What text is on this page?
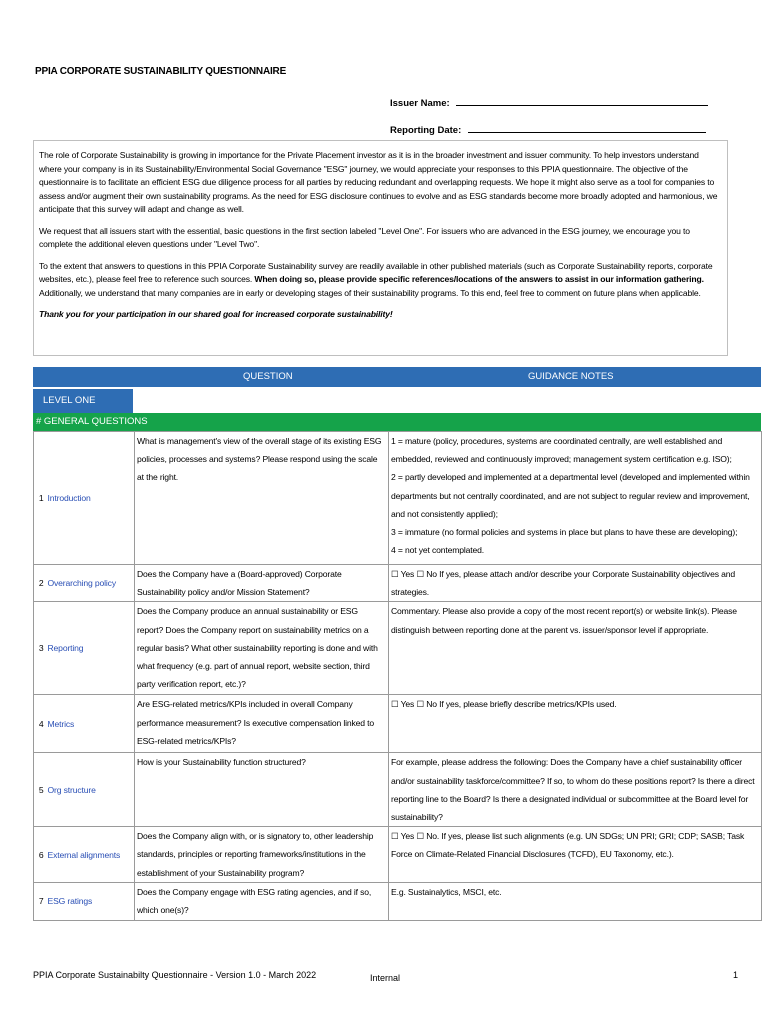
PPIA CORPORATE SUSTAINABILITY QUESTIONNAIRE
Issuer Name:
Reporting Date:

The role of Corporate Sustainability is growing in importance for the Private Placement investor as it is in the broader investment and issuer community. To help investors understand where your company is in its Sustainability/Environmental Social Governance "ESG" journey, we would appreciate your responses to this PPIA questionnaire. The objective of the questionnaire is to facilitate an efficient ESG due diligence process for all parties by reducing redundant and overlapping requests. We hope it might also serve as a tool for companies to assess and/or augment their own sustainability programs. As the need for ESG disclosure continues to evolve and as ESG standards become more broadly adopted and harmonious, we anticipate that this survey will adapt and change as well.

We request that all issuers start with the essential, basic questions in the first section labeled "Level One". For issuers who are advanced in the ESG journey, we encourage you to complete the additional eleven questions under "Level Two".

To the extent that answers to questions in this PPIA Corporate Sustainability survey are readily available in other published materials (such as Corporate Sustainability reports, corporate websites, etc.), please feel free to reference such sources. When doing so, please provide specific references/locations of the answers to assist in our information gathering. Additionally, we understand that many companies are in early or developing stages of their sustainability programs. To this end, feel free to comment on future plans when applicable.

Thank you for your participation in our shared goal for increased corporate sustainability!

QUESTION	GUIDANCE NOTES
LEVEL ONE
# GENERAL QUESTIONS
1	Introduction	What is management's view of the overall stage of its existing ESG policies, processes and systems? Please respond using the scale at the right.	1 = mature (policy, procedures, systems are coordinated centrally, are well established and embedded, reviewed and continuously improved; management system certification e.g. ISO);
2 = partly developed and implemented at a departmental level (developed and implemented within departments but not centrally coordinated, and are not subject to regular review and improvement, and not consistently applied);
3 = immature (no formal policies and systems in place but plans to have these are developing);
4 = not yet contemplated.
2	Overarching policy	Does the Company have a (Board-approved) Corporate Sustainability policy and/or Mission Statement?	☐ Yes ☐ No If yes, please attach and/or describe your Corporate Sustainability objectives and strategies.
3	Reporting	Does the Company produce an annual sustainability or ESG report? Does the Company report on sustainability metrics on a regular basis? What other sustainability reporting is done and with what frequency (e.g. part of annual report, website section, third party verification report, etc.)?	Commentary. Please also provide a copy of the most recent report(s) or website link(s). Please distinguish between reporting done at the parent vs. issuer/sponsor level if appropriate.
4	Metrics	Are ESG-related metrics/KPIs included in overall Company performance measurement? Is executive compensation linked to ESG-related metrics/KPIs?	☐ Yes ☐ No If yes, please briefly describe metrics/KPIs used.
5	Org structure	How is your Sustainability function structured?	For example, please address the following: Does the Company have a chief sustainability officer and/or sustainability taskforce/committee? If so, to whom do these positions report? Is there a direct reporting line to the Board? Is there a designated individual or subcommittee at the Board level for sustainability?
6	External alignments	Does the Company align with, or is signatory to, other leadership standards, principles or reporting frameworks/institutions in the establishment of your Sustainability program?	☐ Yes ☐ No. If yes, please list such alignments (e.g. UN SDGs; UN PRI; GRI; CDP; SASB; Task Force on Climate-Related Financial Disclosures (TCFD), EU Taxonomy, etc.).
7	ESG ratings	Does the Company engage with ESG rating agencies, and if so, which one(s)?	E.g. Sustainalytics, MSCI, etc.
PPIA Corporate Sustainabilty Questionnaire - Version 1.0 - March 2022	Internal	1
